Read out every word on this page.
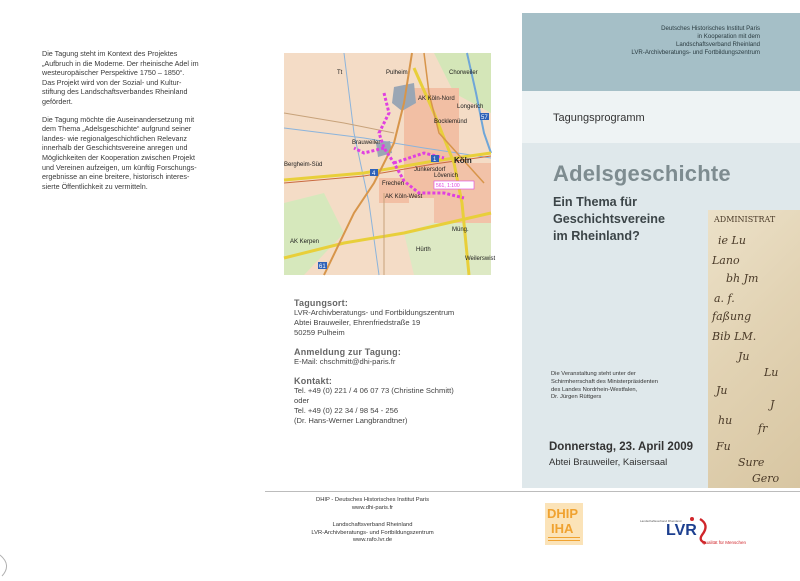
Die Tagung steht im Kontext des Projektes
„Aufbruch in die Moderne. Der rheinische Adel im
westeuropäischer Perspektive 1750 – 1850“.
Das Projekt wird von der Sozial- und Kultur-
stiftung des Landschaftsverbandes Rheinland
gefördert.

Die Tagung möchte die Auseinandersetzung mit
dem Thema „Adelsgeschichte“ aufgrund seiner
landes- wie regionalgeschichtlichen Relevanz
innerhalb der Geschichtsvereine anregen und
Möglichkeiten der Kooperation zwischen Projekt
und Vereinen aufzeigen, um künftig Forschungs-
ergebnisse an eine breitere, historisch interes-
sierte Öffentlichkeit zu vermitteln.

57
1
4
61
561, 1:100
Pulheim	Chorweiler
AK Köln-Nord
Longerich
Bocklemünd
Brauweiler
Bergheim-Süd	Köln
Junkersdorf
Frechen
Lövenich
AK Köln-West
Müng.
AK Kerpen
Hürth
Weilerswist
Tt
Tagungsort:
LVR-Archivberatungs- und Fortbildungszentrum
Abtei Brauweiler, Ehrenfriedstraße 19
50259 Pulheim
Anmeldung zur Tagung:
E-Mail: chschmitt@dhi-paris.fr
Kontakt:
Tel. +49 (0) 221 / 4 06 07 73 (Christine Schmitt)
oder
Tel. +49 (0) 22 34 / 98 54 - 256
(Dr. Hans-Werner Langbrandtner)
DHIP - Deutsches Historisches Institut Paris
www.dhi-paris.fr
Landschaftsverband Rheinland
LVR-Archivberatungs- und Fortbildungszentrum
www.rafo.lvr.de
ADMINISTRAT
ie Lu
Lano
bh Jm
a. f.
faßung
Bib LM.
Ju
Lu
Ju
J
hu
fr
Fu
Sure
Gero
Deutsches Historisches Institut Paris
in Kooperation mit dem
Landschaftsverband Rheinland
LVR-Archivberatungs- und Fortbildungszentrum
Tagungsprogramm
Adelsgeschichte
Ein Thema für
Geschichtsvereine
im Rheinland?
Die Veranstaltung steht unter der
Schirmherrschaft des Ministerpräsidenten
des Landes Nordrhein-Westfalen,
Dr. Jürgen Rüttgers
Donnerstag, 23. April 2009
Abtei Brauweiler, Kaisersaal
DHIP
IHA	Landschaftsverband Rheinland
LVR
Qualität für Menschen
